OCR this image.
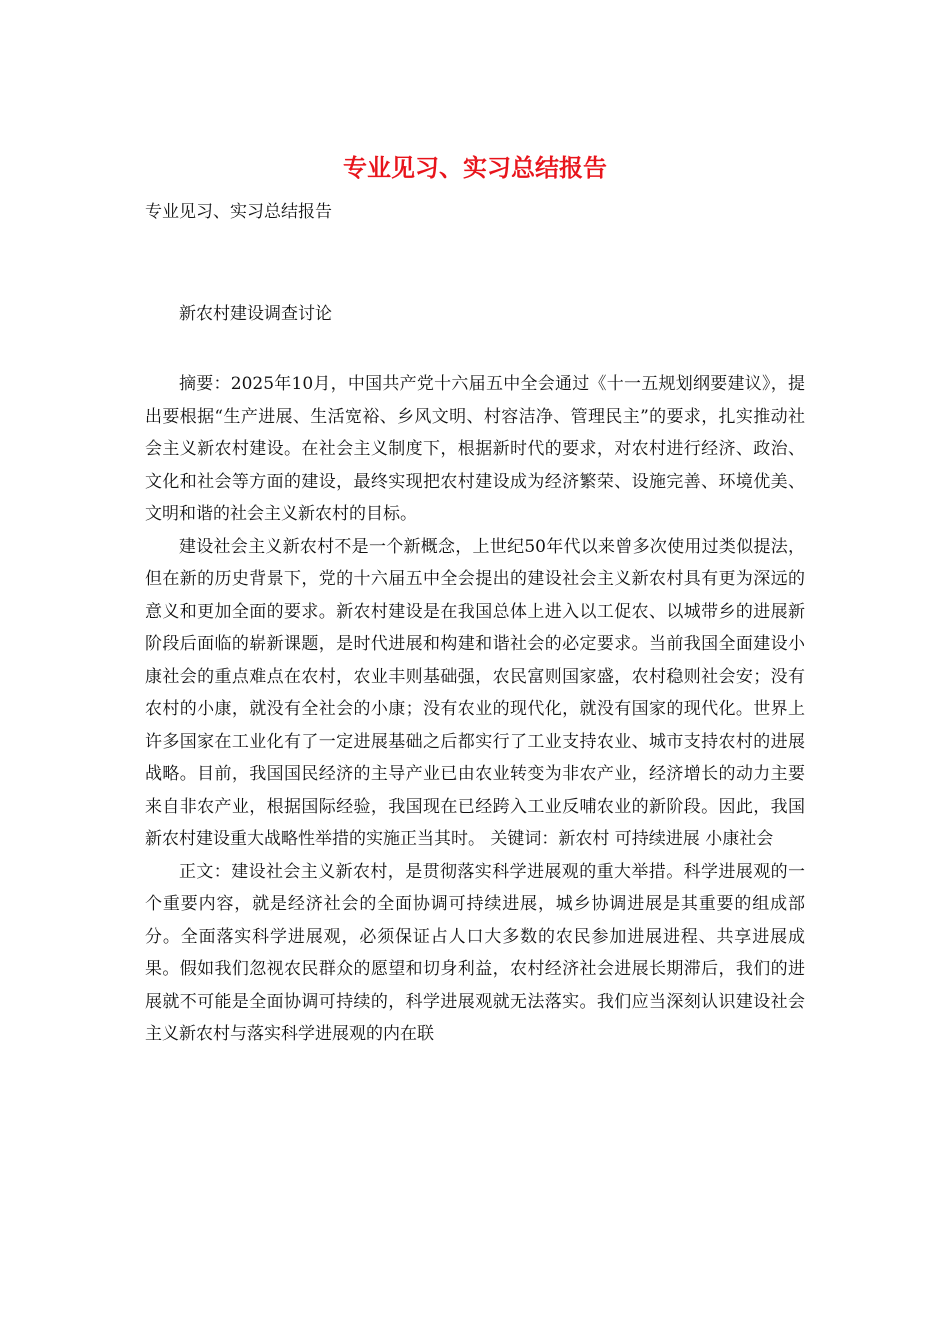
专业见习、实习总结报告

专业见习、实习总结报告

新农村建设调查讨论

摘要：2025年10月，中国共产党十六届五中全会通过《十一五规划纲要建议》，提出要根据“生产进展、生活宽裕、乡风文明、村容洁净、管理民主”的要求，扎实推动社会主义新农村建设。在社会主义制度下，根据新时代的要求，对农村进行经济、政治、文化和社会等方面的建设，最终实现把农村建设成为经济繁荣、设施完善、环境优美、文明和谐的社会主义新农村的目标。

建设社会主义新农村不是一个新概念，上世纪50年代以来曾多次使用过类似提法，但在新的历史背景下，党的十六届五中全会提出的建设社会主义新农村具有更为深远的意义和更加全面的要求。新农村建设是在我国总体上进入以工促农、以城带乡的进展新阶段后面临的崭新课题，是时代进展和构建和谐社会的必定要求。当前我国全面建设小康社会的重点难点在农村，农业丰则基础强，农民富则国家盛，农村稳则社会安；没有农村的小康，就没有全社会的小康；没有农业的现代化，就没有国家的现代化。世界上许多国家在工业化有了一定进展基础之后都实行了工业支持农业、城市支持农村的进展战略。目前，我国国民经济的主导产业已由农业转变为非农产业，经济增长的动力主要来自非农产业，根据国际经验，我国现在已经跨入工业反哺农业的新阶段。因此，我国新农村建设重大战略性举措的实施正当其时。 关键词：新农村 可持续进展 小康社会

正文：建设社会主义新农村，是贯彻落实科学进展观的重大举措。科学进展观的一个重要内容，就是经济社会的全面协调可持续进展，城乡协调进展是其重要的组成部分。全面落实科学进展观，必须保证占人口大多数的农民参加进展进程、共享进展成果。假如我们忽视农民群众的愿望和切身利益，农村经济社会进展长期滞后，我们的进展就不可能是全面协调可持续的，科学进展观就无法落实。我们应当深刻认识建设社会主义新农村与落实科学进展观的内在联
